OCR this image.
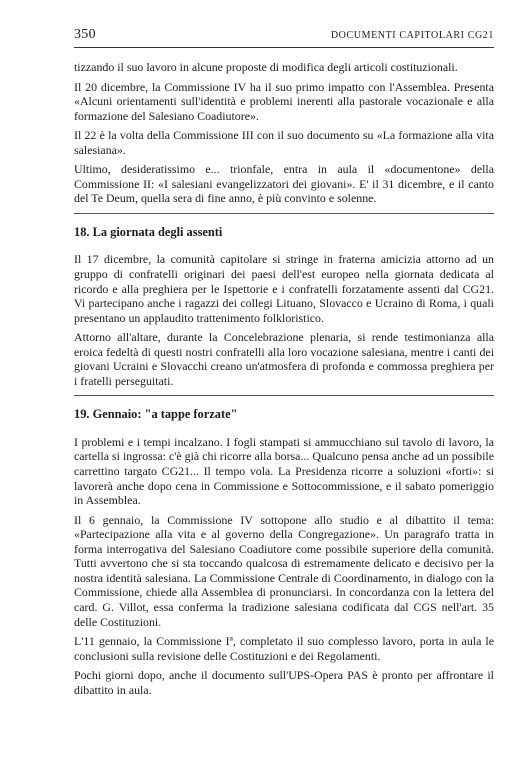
350	DOCUMENTI CAPITOLARI CG21

tizzando il suo lavoro in alcune proposte di modifica degli articoli costituzionali.

Il 20 dicembre, la Commissione IV ha il suo primo impatto con l'Assemblea. Presenta «Alcuni orientamenti sull'identità e problemi inerenti alla pastorale vocazionale e alla formazione del Salesiano Coadiutore».

Il 22 è la volta della Commissione III con il suo documento su «La formazione alla vita salesiana».

Ultimo, desideratissimo e... trionfale, entra in aula il «documentone» della Commissione II: «I salesiani evangelizzatori dei giovani». E' il 31 dicembre, e il canto del Te Deum, quella sera di fine anno, è più convinto e solenne.

18. La giornata degli assenti

Il 17 dicembre, la comunità capitolare si stringe in fraterna amicizia attorno ad un gruppo di confratelli originari dei paesi dell'est europeo nella giornata dedicata al ricordo e alla preghiera per le Ispettorie e i confratelli forzatamente assenti dal CG21. Vi partecipano anche i ragazzi dei collegi Lituano, Slovacco e Ucraino di Roma, i quali presentano un applaudito trattenimento folkloristico.

Attorno all'altare, durante la Concelebrazione plenaria, si rende testimonianza alla eroica fedeltà di questi nostri confratelli alla loro vocazione salesiana, mentre i canti dei giovani Ucraini e Slovacchi creano un'atmosfera di profonda e commossa preghiera per i fratelli perseguitati.

19. Gennaio: "a tappe forzate"

I problemi e i tempi incalzano. I fogli stampati si ammucchiano sul tavolo di lavoro, la cartella si ingrossa: c'è già chi ricorre alla borsa... Qualcuno pensa anche ad un possibile carrettino targato CG21... Il tempo vola. La Presidenza ricorre a soluzioni «forti»: si lavorerà anche dopo cena in Commissione e Sottocommissione, e il sabato pomeriggio in Assemblea.

Il 6 gennaio, la Commissione IV sottopone allo studio e al dibattito il tema: «Partecipazione alla vita e al governo della Congregazione». Un paragrafo tratta in forma interrogativa del Salesiano Coadiutore come possibile superiore della comunità. Tutti avvertono che si sta toccando qualcosa di estremamente delicato e decisivo per la nostra identità salesiana. La Commissione Centrale di Coordinamento, in dialogo con la Commissione, chiede alla Assemblea di pronunciarsi. In concordanza con la lettera del card. G. Villot, essa conferma la tradizione salesiana codificata dal CGS nell'art. 35 delle Costituzioni.

L'11 gennaio, la Commissione Iª, completato il suo complesso lavoro, porta in aula le conclusioni sulla revisione delle Costituzioni e dei Regolamenti.

Pochi giorni dopo, anche il documento sull'UPS-Opera PAS è pronto per affrontare il dibattito in aula.
